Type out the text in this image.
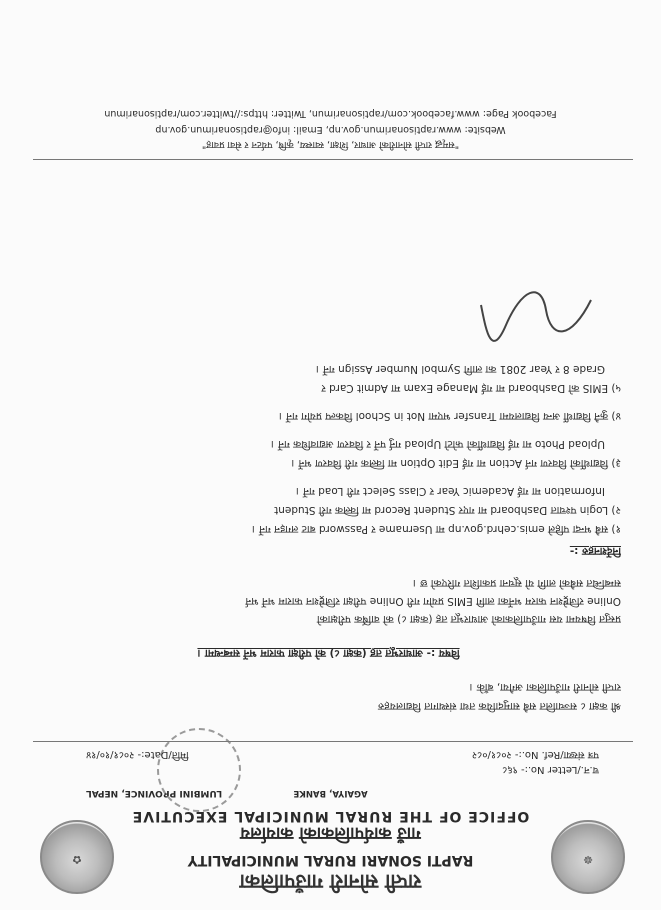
☸
✿
राप्ती सोनारी गाउँपालिका
RAPTI SONARI RURAL MUNICIPALITY
गाउँ कार्यपालिकाको कार्यालय
OFFICE OF THE RURAL MUNICIPAL EXECUTIVE
AGAIYA, BANKE
LUMBINI PROVINCE, NEPAL
च.न./Letter No.:- ९६८
पत्र संख्या/Ref. No.:- २०८१/०८२
मिति/Date:- २०८१/१०/१४
श्री कक्षा ८ सञ्चालित सबै सामुदायिक तथा संस्थागत विद्यालयहरु
राप्ती सोनारी गाउँपालिका अगैया, बाँके ।
विषय :- आधारभूत तह (कक्षा ८) को परीक्षा फाराम भर्ने सम्बन्धमा ।
प्रस्तुत विषयमा यस गाउँपालिकाको आधारभूत तह (कक्षा ८) को वार्षिक परीक्षाको
Online रजिष्ट्रेशन फारम भर्नेका लागि EMIS प्रयोग गरी Online परीक्षा रजिष्ट्रेशन फाराम भर्ने भर्न
सम्बन्धित सबैको लागि यो सूचना प्रकाशित गरिएको छ ।
निर्देशनहरु :-
१) सबै भन्दा पहिले emis.cehrd.gov.np मा Username र Password बाट लगइन गर्ने ।
२) Login पश्चात Dashboard मा गएर Student Record मा क्लिक गरी Student
Information मा गई Academic Year र Class Select गरी Load गर्ने ।
३) विद्यार्थीको विवरण गर्न Action मा गई Edit Option मा क्लिक गरी विवरण भर्ने ।
Upload Photo मा गई विद्यार्थीको फोटो Upload गर्नु पर्ने र विवरण अद्यावधिक गर्ने ।
४) कुनै विद्यार्थी अन्य विद्यालयमा Transfer भएमा Not in School विकल्प प्रयोग गर्ने ।
५) EMIS को Dashboard मा गई Manage Exam मा Admit Card र
Grade 8 र Year 2081 का लागि Symbol Number Assign गर्ने ।
"समृद्ध राप्ती सोनारीको आधार, शिक्षा, स्वास्थ्य, कृषि, पर्यटन र सेवा प्रवाह"
Website: www.raptisonarimun.gov.np, Email: info@raptisonarimun.gov.np
Facebook Page: www.facebook.com/raptisonarimun, Twitter: https://twitter.com/raptisonarimun
